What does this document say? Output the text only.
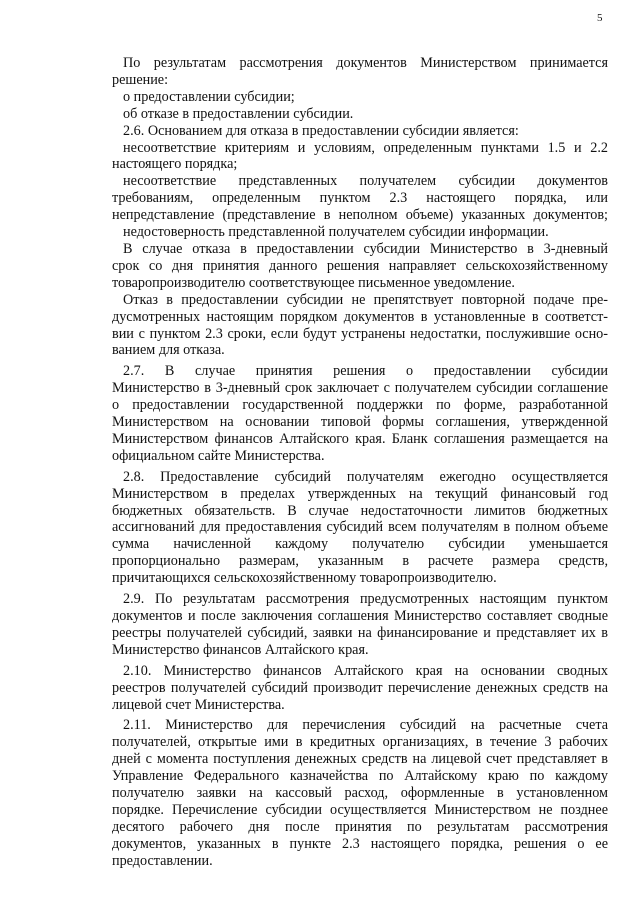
5
По результатам рассмотрения документов Министерством принимается
решение:
о предоставлении субсидии;
об отказе в предоставлении субсидии.
2.6. Основанием для отказа в предоставлении субсидии является:
несоответствие критериям и условиям, определенным пунктами 1.5 и 2.2
настоящего порядка;
несоответствие представленных получателем субсидии документов
требованиям, определенным пунктом 2.3 настоящего порядка, или
непредставление (представление в неполном объеме) указанных документов;
недостоверность представленной получателем субсидии информации.
В случае отказа в предоставлении субсидии Министерство в 3-дневный
срок со дня принятия данного решения направляет сельскохозяйственному
товаропроизводителю соответствующее письменное уведомление.
Отказ в предоставлении субсидии не препятствует повторной подаче пре-
дусмотренных настоящим порядком документов в установленные в соответст-
вии с пунктом 2.3 сроки, если будут устранены недостатки, послужившие осно-
ванием для отказа.
2.7. В случае принятия решения о предоставлении субсидии
Министерство в 3-дневный срок заключает с получателем субсидии соглашение
о предоставлении государственной поддержки по форме, разработанной
Министерством на основании типовой формы соглашения, утвержденной
Министерством финансов Алтайского края. Бланк соглашения размещается на
официальном сайте Министерства.
2.8. Предоставление субсидий получателям ежегодно осуществляется
Министерством в пределах утвержденных на текущий финансовый год
бюджетных обязательств. В случае недостаточности лимитов бюджетных
ассигнований для предоставления субсидий всем получателям в полном объеме
сумма начисленной каждому получателю субсидии уменьшается
пропорционально размерам, указанным в расчете размера средств,
причитающихся сельскохозяйственному товаропроизводителю.
2.9. По результатам рассмотрения предусмотренных настоящим пунктом
документов и после заключения соглашения Министерство составляет сводные
реестры получателей субсидий, заявки на финансирование и представляет их в
Министерство финансов Алтайского края.
2.10. Министерство финансов Алтайского края на основании сводных
реестров получателей субсидий производит перечисление денежных средств на
лицевой счет Министерства.
2.11. Министерство для перечисления субсидий на расчетные счета
получателей, открытые ими в кредитных организациях, в течение 3 рабочих
дней с момента поступления денежных средств на лицевой счет представляет в
Управление Федерального казначейства по Алтайскому краю по каждому
получателю заявки на кассовый расход, оформленные в установленном
порядке. Перечисление субсидии осуществляется Министерством не позднее
десятого рабочего дня после принятия по результатам рассмотрения
документов, указанных в пункте 2.3 настоящего порядка, решения о ее
предоставлении.
